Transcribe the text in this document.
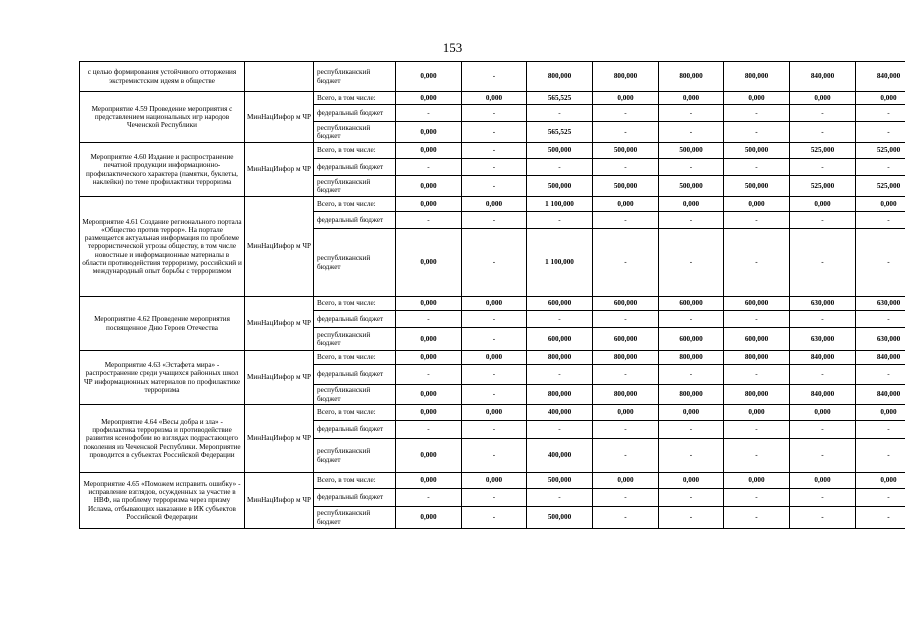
153
с целью формирования устойчивого отторжения экстремистским идеям в обществе		республиканский бюджет	0,000	-	800,000	800,000	800,000	800,000	840,000	840,000
Мероприятие 4.59 Проведение мероприятия с представлением национальных игр народов Чеченской Республики	МинНацИнфор м ЧР	Всего, в том числе:	0,000	0,000	565,525	0,000	0,000	0,000	0,000	0,000
		федеральный бюджет	-	-	-	-	-	-	-	-
		республиканский бюджет	0,000	-	565,525	-	-	-	-	-
Мероприятие 4.60 Издание и распространение печатной продукции информационно-профилактического характера (памятки, буклеты, наклейки) по теме профилактики терроризма	МинНацИнфор м ЧР	Всего, в том числе:	0,000	-	500,000	500,000	500,000	500,000	525,000	525,000
		федеральный бюджет	-	-	-	-	-	-	-	-
		республиканский бюджет	0,000	-	500,000	500,000	500,000	500,000	525,000	525,000
Мероприятие 4.61 Создание регионального портала «Общество против террор». На портале размещается актуальная информация по проблеме террористической угрозы обществу, в том числе новостные и информационные материалы в области противодействия терроризму, российский и международный опыт борьбы с терроризмом	МинНацИнфор м ЧР	Всего, в том числе:	0,000	0,000	1 100,000	0,000	0,000	0,000	0,000	0,000
		федеральный бюджет	-	-	-	-	-	-	-	-
		республиканский бюджет	0,000	-	1 100,000	-	-	-	-	-
Мероприятие 4.62 Проведение мероприятия посвященное Дню Героев Отечества	МинНацИнфор м ЧР	Всего, в том числе:	0,000	0,000	600,000	600,000	600,000	600,000	630,000	630,000
		федеральный бюджет	-	-	-	-	-	-	-	-
		республиканский бюджет	0,000	-	600,000	600,000	600,000	600,000	630,000	630,000
Мероприятие 4.63 «Эстафета мира» - распространение среди учащихся районных школ ЧР информационных материалов по профилактике терроризма	МинНацИнфор м ЧР	Всего, в том числе:	0,000	0,000	800,000	800,000	800,000	800,000	840,000	840,000
		федеральный бюджет	-	-	-	-	-	-	-	-
		республиканский бюджет	0,000	-	800,000	800,000	800,000	800,000	840,000	840,000
Мероприятие 4.64 «Весы добра и зла» - профилактика терроризма и противодействие развития ксенофобии во взглядах подрастающего поколения из Чеченской Республики. Мероприятие проводится в субъектах Российской Федерации	МинНацИнфор м ЧР	Всего, в том числе:	0,000	0,000	400,000	0,000	0,000	0,000	0,000	0,000
		федеральный бюджет	-	-	-	-	-	-	-	-
		республиканский бюджет	0,000	-	400,000	-	-	-	-	-
Мероприятие 4.65 «Поможем исправить ошибку» - исправление взглядов, осужденных за участие в НВФ, на проблему терроризма через призму Ислама, отбывающих наказание в ИК субъектов Российской Федерации	МинНацИнфор м ЧР	Всего, в том числе:	0,000	0,000	500,000	0,000	0,000	0,000	0,000	0,000
		федеральный бюджет	-	-	-	-	-	-	-	-
		республиканский бюджет	0,000	-	500,000	-	-	-	-	-
